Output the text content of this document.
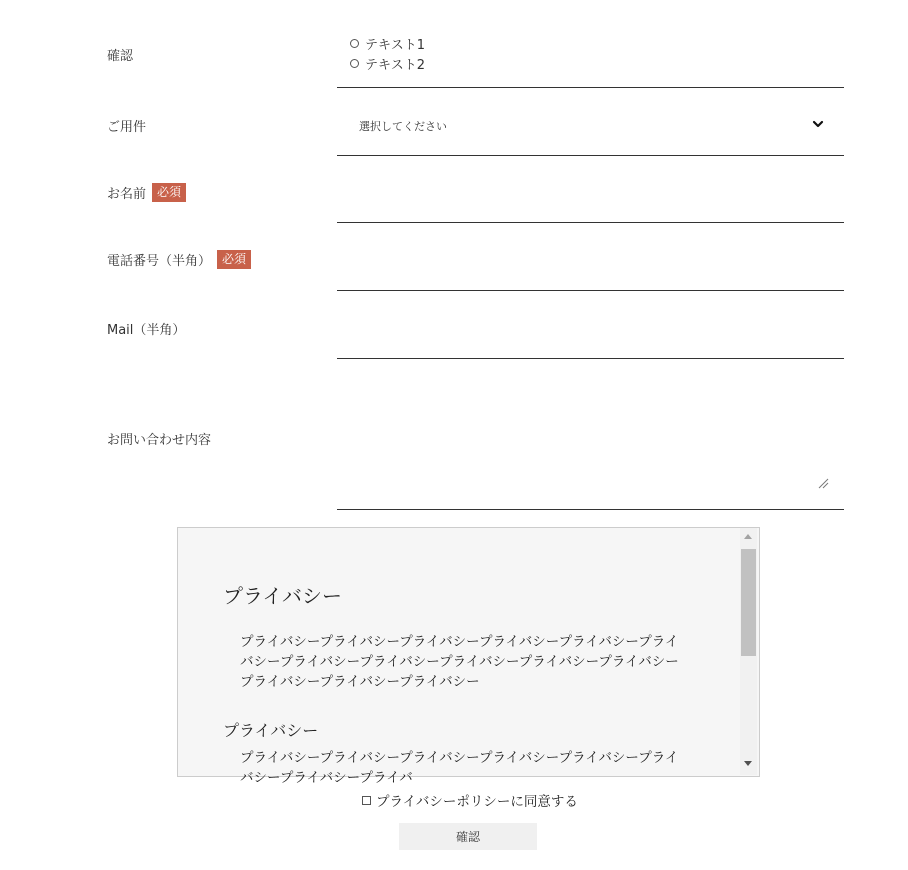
確認
テキスト1
テキスト2
ご用件	選択してください
お名前 必須
電話番号（半角） 必須
Mail（半角）
お問い合わせ内容
プライバシー
プライバシープライバシープライバシープライバシープライバシープライバシープライバシープライバシープライバシープライバシープライバシープライバシープライバシープライバシー
プライバシー
プライバシープライバシープライバシープライバシープライバシープライバシープライバシープライバ
プライバシーポリシーに同意する
確認
